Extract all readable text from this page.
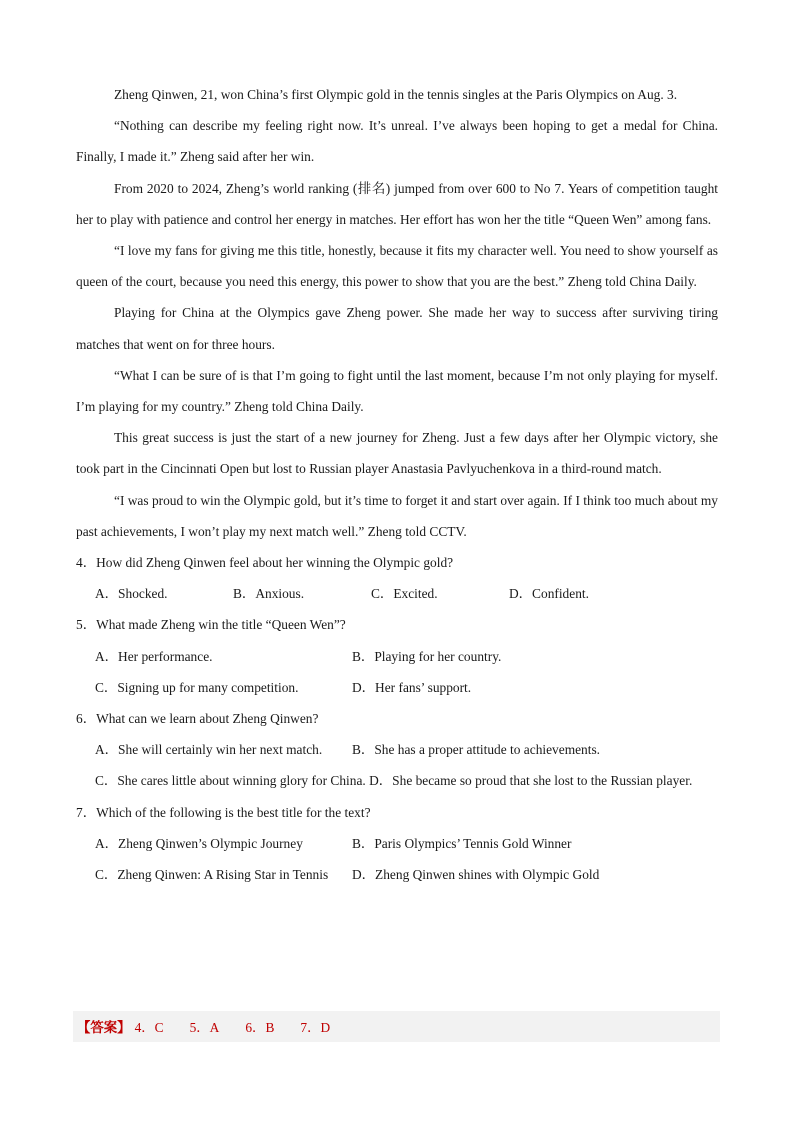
Zheng Qinwen, 21, won China’s first Olympic gold in the tennis singles at the Paris Olympics on Aug. 3.

“Nothing can describe my feeling right now. It’s unreal. I’ve always been hoping to get a medal for China. Finally, I made it.” Zheng said after her win.

From 2020 to 2024, Zheng’s world ranking (排名) jumped from over 600 to No 7. Years of competition taught her to play with patience and control her energy in matches. Her effort has won her the title “Queen Wen” among fans.

“I love my fans for giving me this title, honestly, because it fits my character well. You need to show yourself as queen of the court, because you need this energy, this power to show that you are the best.” Zheng told China Daily.

Playing for China at the Olympics gave Zheng power. She made her way to success after surviving tiring matches that went on for three hours.

“What I can be sure of is that I’m going to fight until the last moment, because I’m not only playing for myself. I’m playing for my country.” Zheng told China Daily.

This great success is just the start of a new journey for Zheng. Just a few days after her Olympic victory, she took part in the Cincinnati Open but lost to Russian player Anastasia Pavlyuchenkova in a third-round match.

“I was proud to win the Olympic gold, but it’s time to forget it and start over again. If I think too much about my past achievements, I won’t play my next match well.” Zheng told CCTV.

4．How did Zheng Qinwen feel about her winning the Olympic gold?

A．Shocked.	B．Anxious.	C．Excited.	D．Confident.

5．What made Zheng win the title “Queen Wen”?

A．Her performance.	B．Playing for her country.
C．Signing up for many competition.	D．Her fans’ support.

6．What can we learn about Zheng Qinwen?

A．She will certainly win her next match.	B．She has a proper attitude to achievements.
C．She cares little about winning glory for China. D．She became so proud that she lost to the Russian player.

7．Which of the following is the best title for the text?

A．Zheng Qinwen’s Olympic Journey	B．Paris Olympics’ Tennis Gold Winner
C．Zheng Qinwen: A Rising Star in Tennis	D．Zheng Qinwen shines with Olympic Gold
【答案】 4．C 5．A 6．B 7．D
